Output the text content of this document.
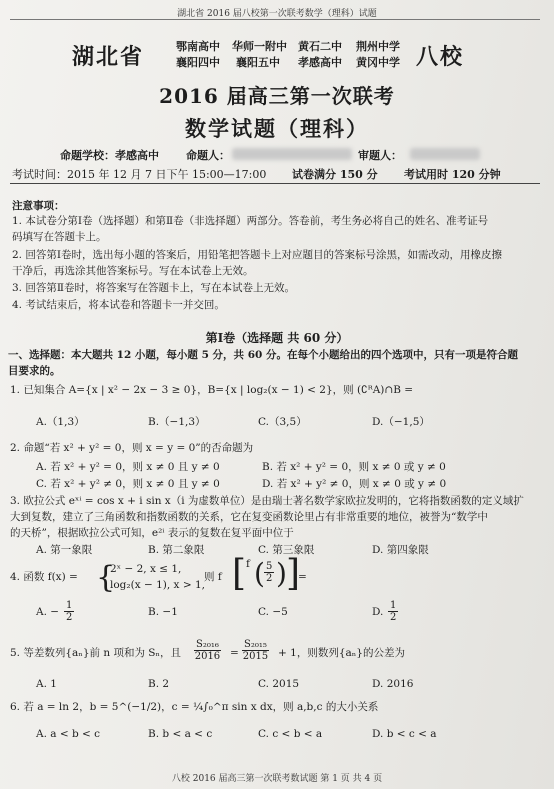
湖北省 2016 届八校第一次联考数学（理科）试题
湖北省	鄂南高中 华师一附中 黄石二中 荆州中学
襄阳四中 襄阳五中 孝感高中 黄冈中学 八校
2016 届高三第一次联考
数学试题（理科）
命题学校：孝感高中 命题人：	审题人：
考试时间：2015 年 12 月 7 日下午 15:00—17:00 试卷满分 150 分 考试用时 120 分钟
注意事项：
1. 本试卷分第Ⅰ卷（选择题）和第Ⅱ卷（非选择题）两部分。答卷前，考生务必将自己的姓名、准考证号
码填写在答题卡上。
2. 回答第Ⅰ卷时，选出每小题的答案后，用铅笔把答题卡上对应题目的答案标号涂黑，如需改动，用橡皮擦
干净后，再选涂其他答案标号。写在本试卷上无效。
3. 回答第Ⅱ卷时，将答案写在答题卡上，写在本试卷上无效。
4. 考试结束后，将本试卷和答题卡一并交回。
第Ⅰ卷（选择题 共 60 分）
一、选择题：本大题共 12 小题，每小题 5 分，共 60 分。在每个小题给出的四个选项中，只有一项是符合题
目要求的。
1. 已知集合 A={x | x² − 2x − 3 ≥ 0}，B={x | log₂(x − 1) < 2}，则 (∁ᴿA)∩B =
A.（1,3）	B.（−1,3）	C.（3,5）	D.（−1,5）
2. 命题“若 x² + y² = 0，则 x = y = 0”的否命题为
A. 若 x² + y² = 0，则 x ≠ 0 且 y ≠ 0	B. 若 x² + y² = 0，则 x ≠ 0 或 y ≠ 0
C. 若 x² + y² ≠ 0，则 x ≠ 0 且 y ≠ 0	D. 若 x² + y² ≠ 0，则 x ≠ 0 或 y ≠ 0
3. 欧拉公式 eˣⁱ = cos x + i sin x（i 为虚数单位）是由瑞士著名数学家欧拉发明的，它将指数函数的定义域扩
大到复数，建立了三角函数和指数函数的关系，它在复变函数论里占有非常重要的地位，被誉为“数学中
的天桥”，根据欧拉公式可知，e²ⁱ 表示的复数在复平面中位于
A. 第一象限	B. 第二象限	C. 第三象限	D. 第四象限
4. 函数 f(x) = {
2ˣ − 2, x ≤ 1,
log₂(x − 1), x > 1,
则 f [ f ( $\frac{5}{2}$ ) ]
=
A. − $\frac{1}{2}$	B. −1	C. −5	D. $\frac{1}{2}$
5. 等差数列{aₙ}前 n 项和为 Sₙ，且 $\frac{\text{S₂₀₁₆}}{2016} = \frac{\text{S₂₀₁₅}}{2015} + 1$，则数列{aₙ}的公差为
A. 1	B. 2	C. 2015	D. 2016
6. 若 a = ln 2，b = 5^(−1/2)，c = ¼∫₀^π sin x dx，则 a,b,c 的大小关系
A. a < b < c	B. b < a < c	C. c < b < a	D. b < c < a
八校 2016 届高三第一次联考数试题 第 1 页 共 4 页
